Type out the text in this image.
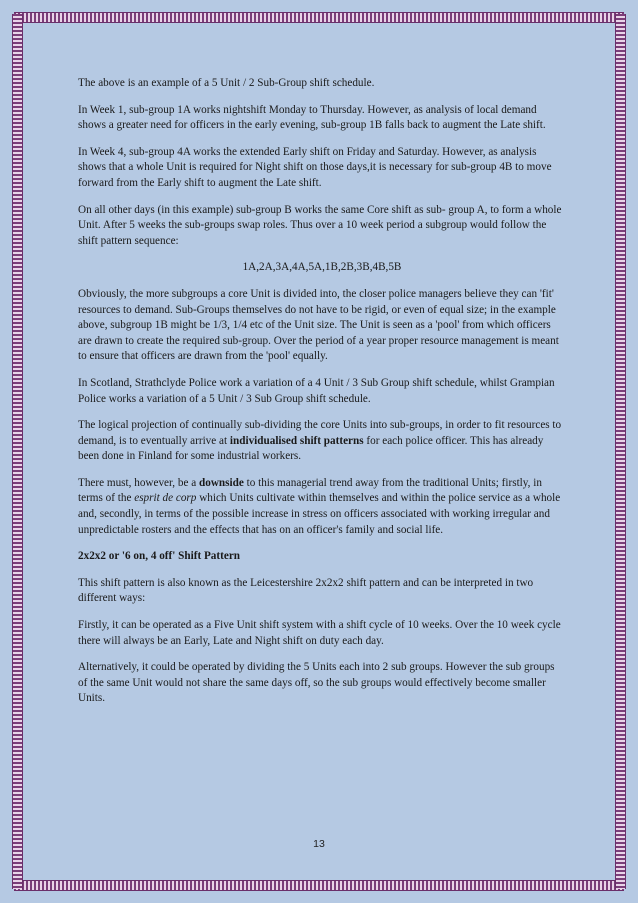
The above is an example of a 5 Unit / 2 Sub-Group shift schedule.

In Week 1, sub-group 1A works nightshift Monday to Thursday. However, as analysis of local demand shows a greater need for officers in the early evening, sub-group 1B falls back to augment the Late shift.

In Week 4, sub-group 4A works the extended Early shift on Friday and Saturday. However, as analysis shows that a whole Unit is required for Night shift on those days,it is necessary for sub-group 4B to move forward from the Early shift to augment the Late shift.

On all other days (in this example) sub-group B works the same Core shift as sub- group A, to form a whole Unit. After 5 weeks the sub-groups swap roles. Thus over a 10 week period a subgroup would follow the shift pattern sequence:

1A,2A,3A,4A,5A,1B,2B,3B,4B,5B

Obviously, the more subgroups a core Unit is divided into, the closer police managers believe they can 'fit' resources to demand. Sub-Groups themselves do not have to be rigid, or even of equal size; in the example above, subgroup 1B might be 1/3, 1/4 etc of the Unit size. The Unit is seen as a 'pool' from which officers are drawn to create the required sub-group. Over the period of a year proper resource management is meant to ensure that officers are drawn from the 'pool' equally.

In Scotland, Strathclyde Police work a variation of a 4 Unit / 3 Sub Group shift schedule, whilst Grampian Police works a variation of a 5 Unit / 3 Sub Group shift schedule.

The logical projection of continually sub-dividing the core Units into sub-groups, in order to fit resources to demand, is to eventually arrive at individualised shift patterns for each police officer. This has already been done in Finland for some industrial workers.

There must, however, be a downside to this managerial trend away from the traditional Units; firstly, in terms of the esprit de corp which Units cultivate within themselves and within the police service as a whole and, secondly, in terms of the possible increase in stress on officers associated with working irregular and unpredictable rosters and the effects that has on an officer's family and social life.

2x2x2 or '6 on, 4 off' Shift Pattern

This shift pattern is also known as the Leicestershire 2x2x2 shift pattern and can be interpreted in two different ways:

Firstly, it can be operated as a Five Unit shift system with a shift cycle of 10 weeks. Over the 10 week cycle there will always be an Early, Late and Night shift on duty each day.

Alternatively, it could be operated by dividing the 5 Units each into 2 sub groups. However the sub groups of the same Unit would not share the same days off, so the sub groups would effectively become smaller Units.

13
